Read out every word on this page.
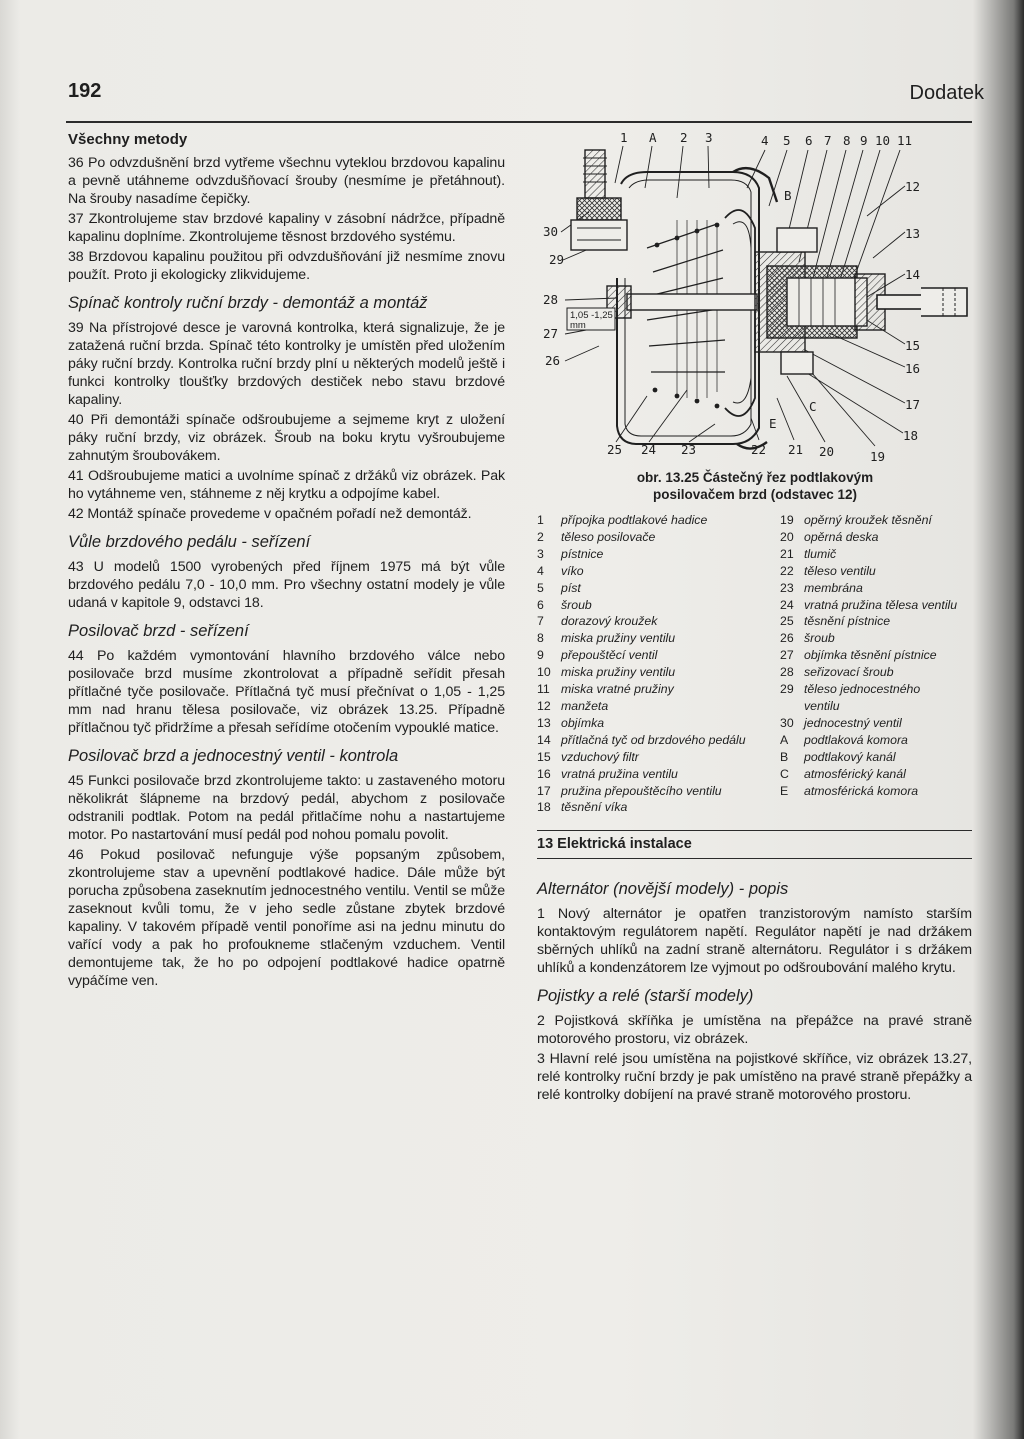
192	Dodatek
Všechny metody
36 Po odvzdušnění brzd vytřeme všechnu vyteklou brzdovou kapalinu a pevně utáhneme odvzdušňovací šrouby (nesmíme je přetáhnout). Na šrouby nasadíme čepičky.
37 Zkontrolujeme stav brzdové kapaliny v zásobní nádržce, případně kapalinu doplníme. Zkontrolujeme těsnost brzdového systému.
38 Brzdovou kapalinu použitou při odvzdušňování již nesmíme znovu použít. Proto ji ekologicky zlikvidujeme.
Spínač kontroly ruční brzdy - demontáž a montáž
39 Na přístrojové desce je varovná kontrolka, která signalizuje, že je zatažená ruční brzda. Spínač této kontrolky je umístěn před uložením páky ruční brzdy. Kontrolka ruční brzdy plní u některých modelů ještě i funkci kontrolky tloušťky brzdových destiček nebo stavu brzdové kapaliny.
40 Při demontáži spínače odšroubujeme a sejmeme kryt z uložení páky ruční brzdy, viz obrázek. Šroub na boku krytu vyšroubujeme zahnutým šroubovákem.
41 Odšroubujeme matici a uvolníme spínač z držáků viz obrázek. Pak ho vytáhneme ven, stáhneme z něj krytku a odpojíme kabel.
42 Montáž spínače provedeme v opačném pořadí než demontáž.
Vůle brzdového pedálu - seřízení
43 U modelů 1500 vyrobených před říjnem 1975 má být vůle brzdového pedálu 7,0 - 10,0 mm. Pro všechny ostatní modely je vůle udaná v kapitole 9, odstavci 18.
Posilovač brzd - seřízení
44 Po každém vymontování hlavního brzdového válce nebo posilovače brzd musíme zkontrolovat a případně seřídit přesah přítlačné tyče posilovače. Přítlačná tyč musí přečnívat o 1,05 - 1,25 mm nad hranu tělesa posilovače, viz obrázek 13.25. Případně přítlačnou tyč přidržíme a přesah seřídíme otočením vypouklé matice.
Posilovač brzd a jednocestný ventil - kontrola
45 Funkci posilovače brzd zkontrolujeme takto: u zastaveného motoru několikrát šlápneme na brzdový pedál, abychom z posilovače odstranili podtlak. Potom na pedál přitlačíme nohu a nastartujeme motor. Po nastartování musí pedál pod nohou pomalu povolit.
46 Pokud posilovač nefunguje výše popsaným způsobem, zkontrolujeme stav a upevnění podtlakové hadice. Dále může být porucha způsobena zaseknutím jednocestného ventilu. Ventil se může zaseknout kvůli tomu, že v jeho sedle zůstane zbytek brzdové kapaliny. V takovém případě ventil ponoříme asi na jednu minutu do vařící vody a pak ho profoukneme stlačeným vzduchem. Ventil demontujeme tak, že ho po odpojení podtlakové hadice opatrně vypáčíme ven.
1 A 2 3	4 5 6 7 8 9 10 11
12
13
14
15
16
17
18
30
29
28
27
26
25 24 23	22 21 20	19
B
C
E
1,05 -1,25
mm
obr. 13.25 Částečný řez podtlakovým
posilovačem brzd (odstavec 12)
1	přípojka podtlakové hadice
2	těleso posilovače
3	pístnice
4	víko
5	píst
6	šroub
7	dorazový kroužek
8	miska pružiny ventilu
9	přepouštěcí ventil
10 miska pružiny ventilu
11 miska vratné pružiny
12 manžeta
13 objímka
14 přítlačná tyč od brzdového pedálu
15 vzduchový filtr
16 vratná pružina ventilu
17 pružina přepouštěcího ventilu
18 těsnění víka
19 opěrný kroužek těsnění
20 opěrná deska
21 tlumič
22 těleso ventilu
23 membrána
24 vratná pružina tělesa ventilu
25 těsnění pístnice
26 šroub
27 objímka těsnění pístnice
28 seřizovací šroub
29 těleso jednocestného
ventilu
30 jednocestný ventil
A	podtlaková komora
B	podtlakový kanál
C	atmosférický kanál
E	atmosférická komora
13 Elektrická instalace
Alternátor (novější modely) - popis
1 Nový alternátor je opatřen tranzistorovým namísto starším kontaktovým regulátorem napětí. Regulátor napětí je nad držákem sběrných uhlíků na zadní straně alternátoru. Regulátor i s držákem uhlíků a kondenzátorem lze vyjmout po odšroubování malého krytu.
Pojistky a relé (starší modely)
2 Pojistková skříňka je umístěna na přepážce na pravé straně motorového prostoru, viz obrázek.
3 Hlavní relé jsou umístěna na pojistkové skříňce, viz obrázek 13.27, relé kontrolky ruční brzdy je pak umístěno na pravé straně přepážky a relé kontrolky dobíjení na pravé straně motorového prostoru.
